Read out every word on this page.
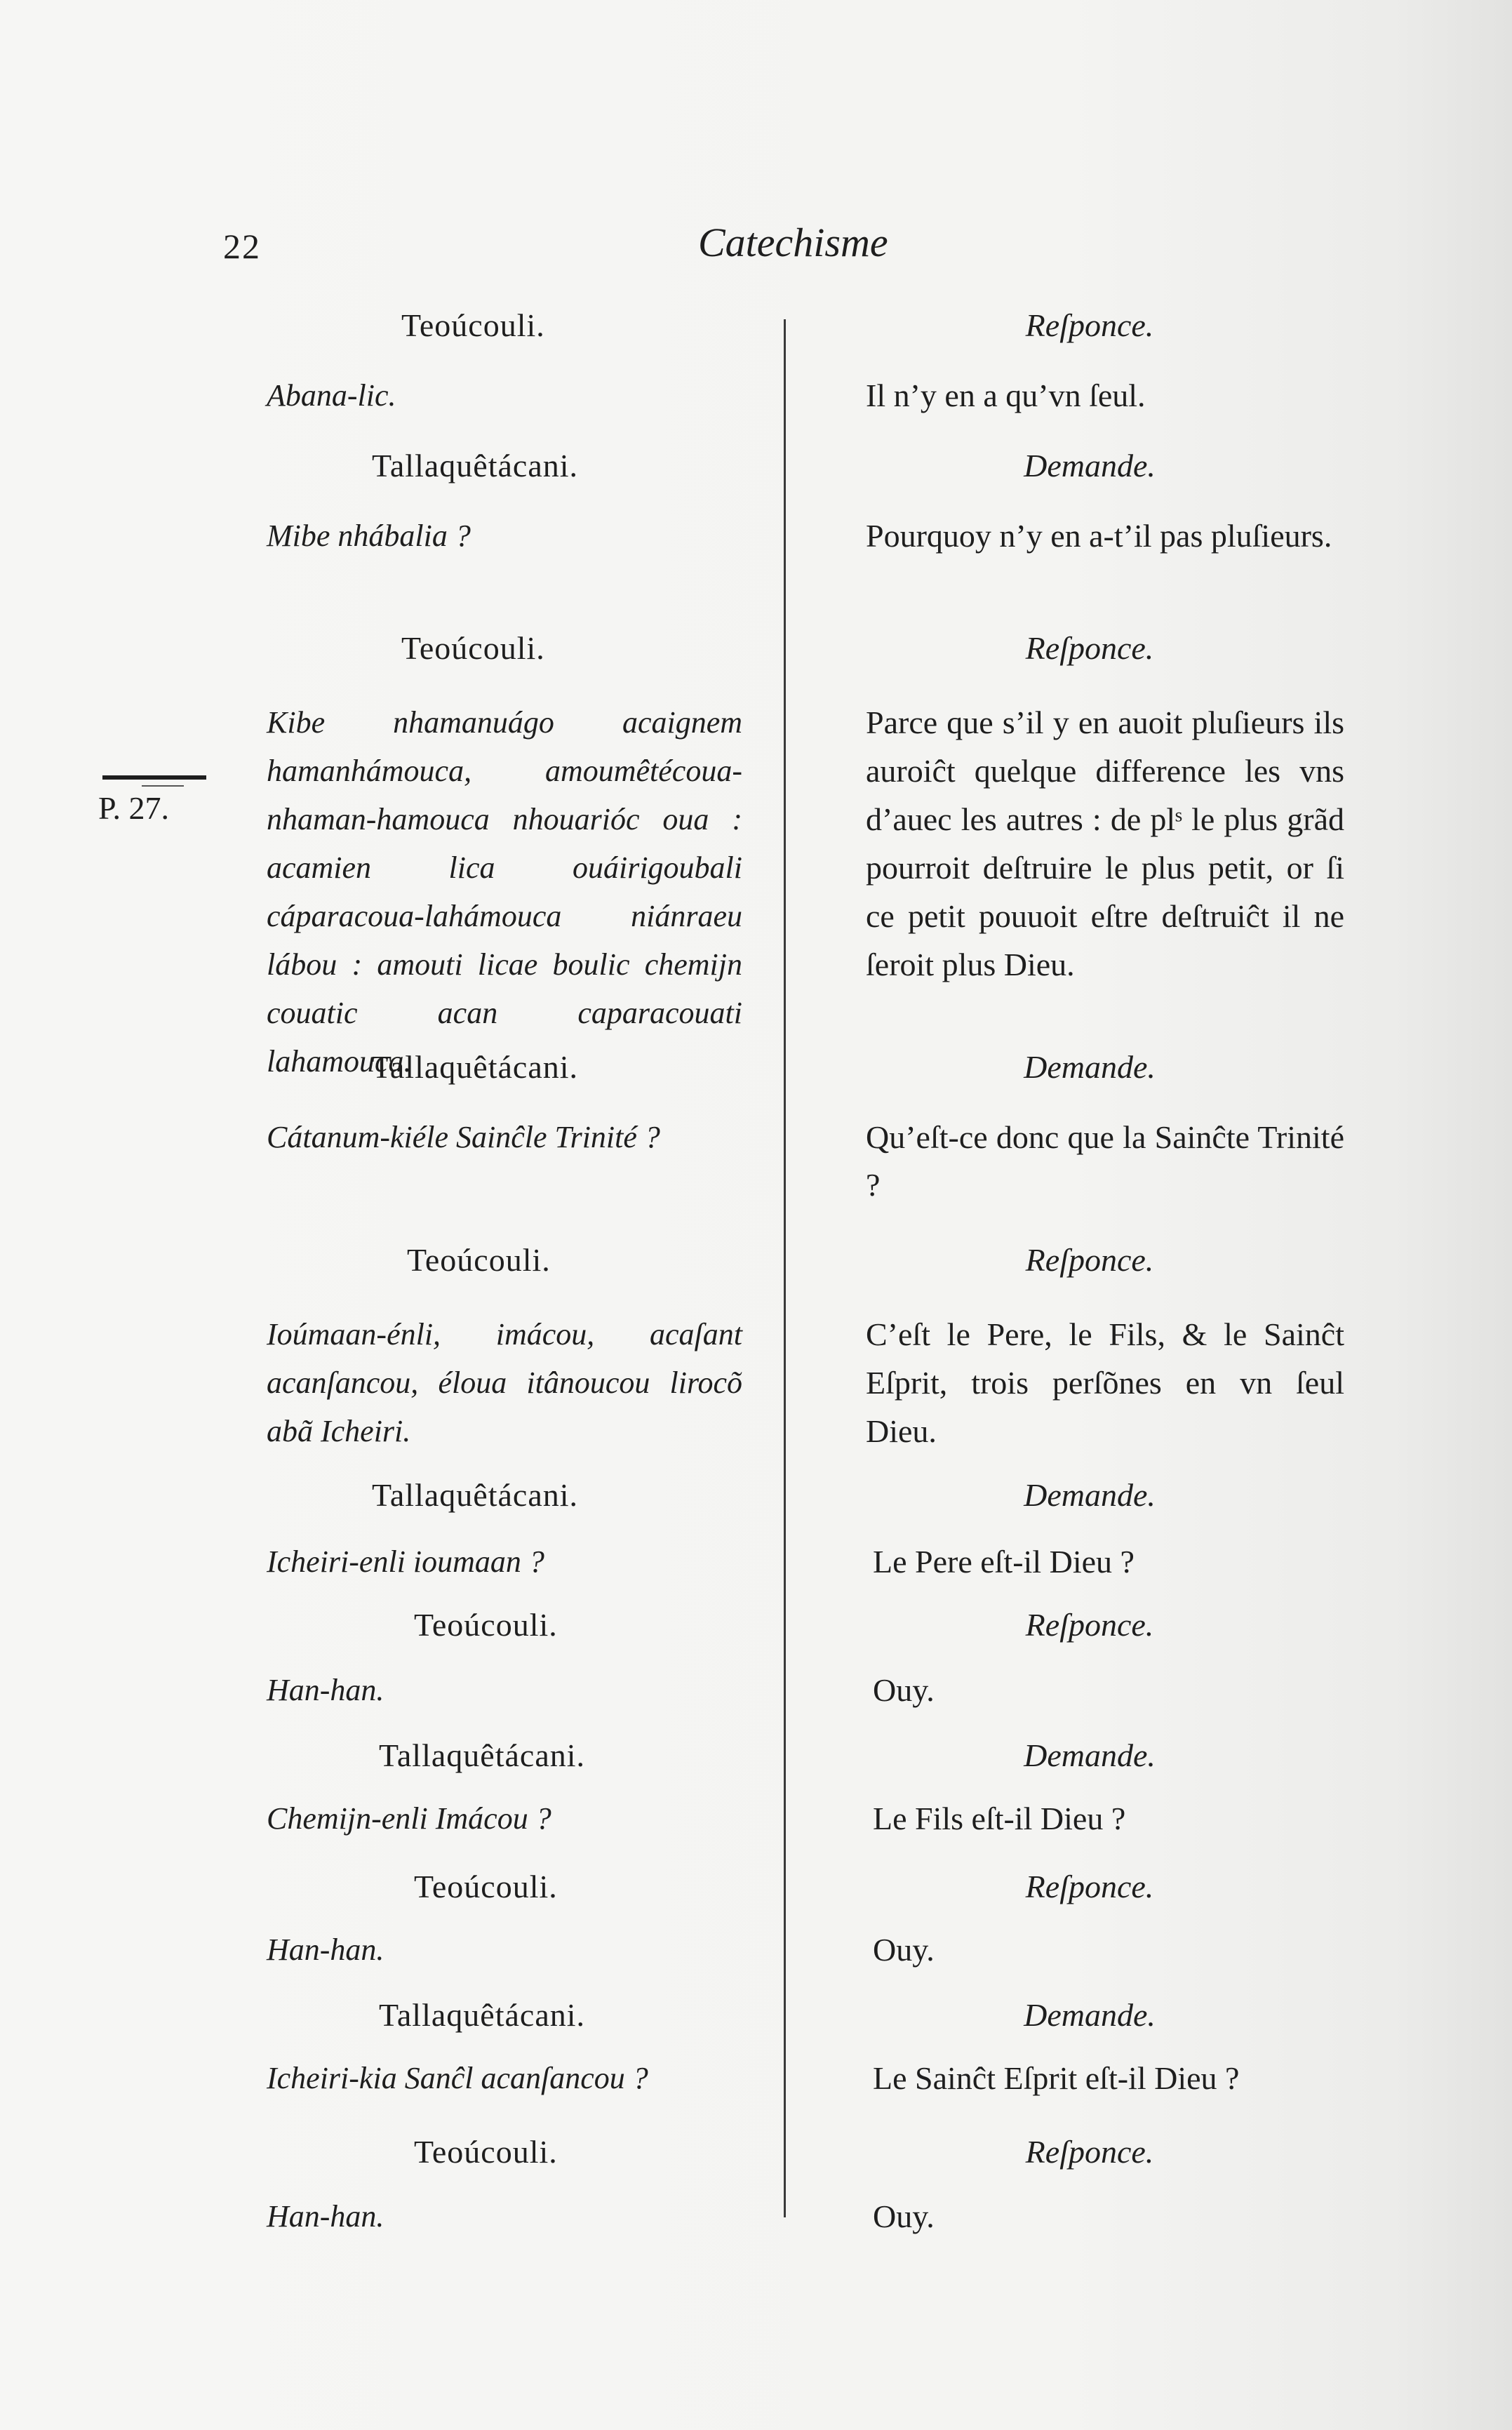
22	Catechisme
P. 27.

Teoúcouli.

Abana-lic.

Tallaquêtácani.

Mibe nhábalia ?

Teoúcouli.

Kibe nhamanuágo acaignem hamanhámouca, amoumêtécoua-nhaman-hamouca nhouarióc oua : acamien lica ouáirigoubali cáparacoua-lahámouca niánraeu lábou : amouti licae boulic chemijn couatic acan caparacouati lahamouca.

Tallaquêtácani.

Cátanum-kiéle Sainĉle Trinité ?

Teoúcouli.

Ioúmaan-énli, imácou, acaſant acanſancou, éloua itânoucou lirocõ abã Icheiri.

Tallaquêtácani.

Icheiri-enli ioumaan ?

Teoúcouli.

Han-han.

Tallaquêtácani.

Chemijn-enli Imácou ?

Teoúcouli.

Han-han.

Tallaquêtácani.

Icheiri-kia Sanĉl acanſancou ?

Teoúcouli.

Han-han.

Reſponce.

Il n’y en a qu’vn ſeul.

Demande.

Pourquoy n’y en a-t’il pas pluſieurs.

Reſponce.

Parce que s’il y en auoit pluſieurs ils auroiĉt quelque difference les vns d’auec les autres : de plˢ le plus grãd pourroit deſtruire le plus petit, or ſi ce petit pouuoit eſtre deſtruiĉt il ne ſeroit plus Dieu.

Demande.

Qu’eſt-ce donc que la Sainĉte Trinité ?

Reſponce.

C’eſt le Pere, le Fils, & le Sainĉt Eſprit, trois perſõnes en vn ſeul Dieu.

Demande.

Le Pere eſt-il Dieu ?

Reſponce.

Ouy.

Demande.

Le Fils eſt-il Dieu ?

Reſponce.

Ouy.

Demande.

Le Sainĉt Eſprit eſt-il Dieu ?

Reſponce.

Ouy.
